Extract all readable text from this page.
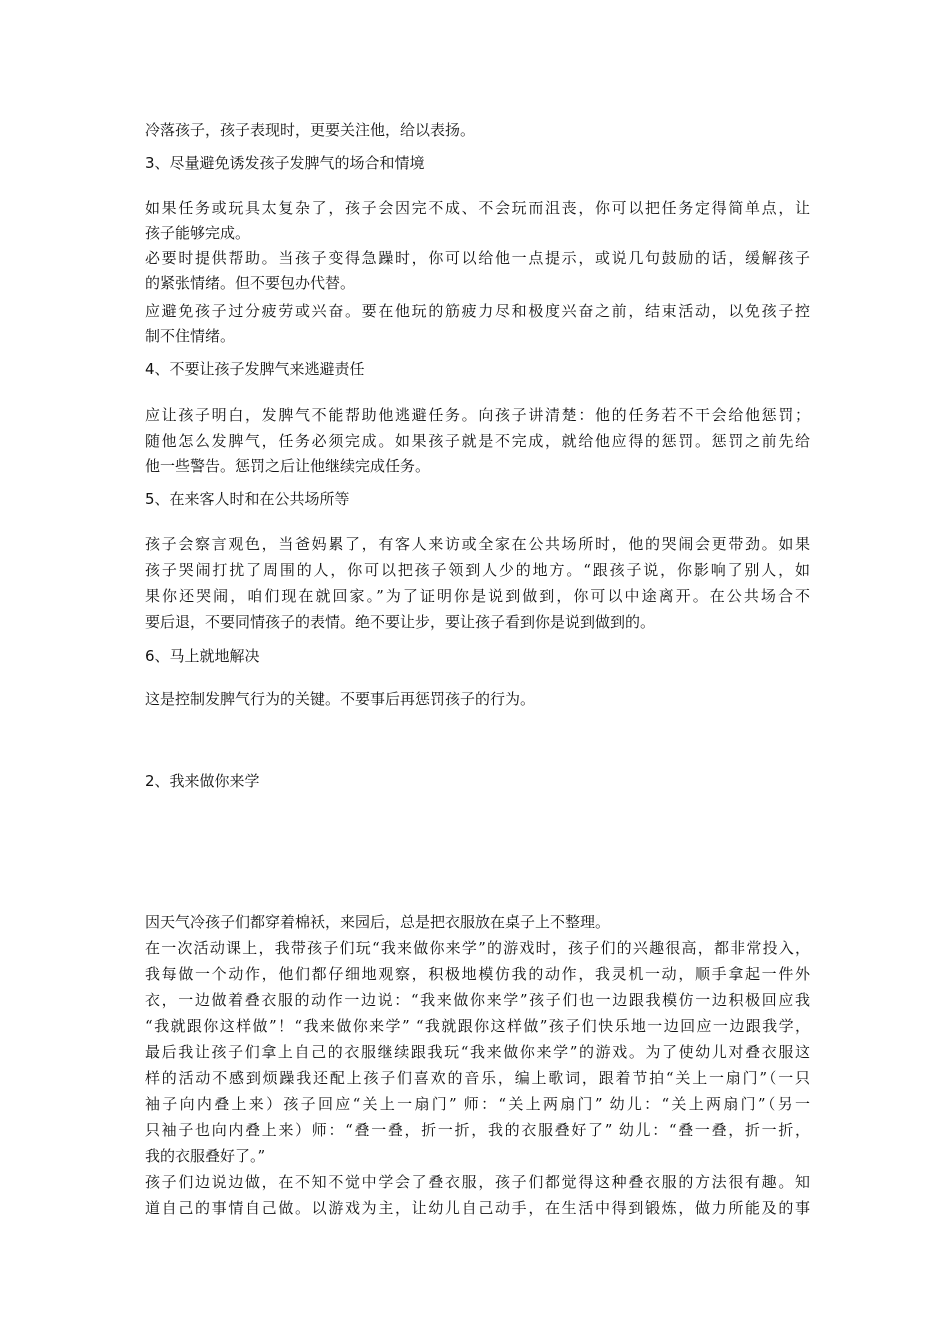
冷落孩子，孩子表现时，更要关注他，给以表扬。

3、尽量避免诱发孩子发脾气的场合和情境

如果任务或玩具太复杂了，孩子会因完不成、不会玩而沮丧，你可以把任务定得简单点，让

孩子能够完成。

必要时提供帮助。当孩子变得急躁时，你可以给他一点提示，或说几句鼓励的话，缓解孩子

的紧张情绪。但不要包办代替。

应避免孩子过分疲劳或兴奋。要在他玩的筋疲力尽和极度兴奋之前，结束活动，以免孩子控

制不住情绪。

4、不要让孩子发脾气来逃避责任

应让孩子明白，发脾气不能帮助他逃避任务。向孩子讲清楚：他的任务若不干会给他惩罚；

随他怎么发脾气，任务必须完成。如果孩子就是不完成，就给他应得的惩罚。惩罚之前先给

他一些警告。惩罚之后让他继续完成任务。

5、在来客人时和在公共场所等

孩子会察言观色，当爸妈累了，有客人来访或全家在公共场所时，他的哭闹会更带劲。如果

孩子哭闹打扰了周围的人，你可以把孩子领到人少的地方。“跟孩子说，你影响了别人，如

果你还哭闹，咱们现在就回家。”为了证明你是说到做到，你可以中途离开。在公共场合不

要后退，不要同情孩子的表情。绝不要让步，要让孩子看到你是说到做到的。

6、马上就地解决

这是控制发脾气行为的关键。不要事后再惩罚孩子的行为。

2、我来做你来学

因天气冷孩子们都穿着棉袄，来园后，总是把衣服放在桌子上不整理。

在一次活动课上，我带孩子们玩“我来做你来学”的游戏时，孩子们的兴趣很高，都非常投入，

我每做一个动作，他们都仔细地观察，积极地模仿我的动作，我灵机一动，顺手拿起一件外

衣，一边做着叠衣服的动作一边说：“我来做你来学”孩子们也一边跟我模仿一边积极回应我

“我就跟你这样做”！“我来做你来学” “我就跟你这样做”孩子们快乐地一边回应一边跟我学，

最后我让孩子们拿上自己的衣服继续跟我玩“我来做你来学”的游戏。为了使幼儿对叠衣服这

样的活动不感到烦躁我还配上孩子们喜欢的音乐，编上歌词，跟着节拍“关上一扇门”（一只

袖子向内叠上来）孩子回应“关上一扇门” 师：“关上两扇门” 幼儿：“关上两扇门”（另一

只袖子也向内叠上来）师：“叠一叠，折一折，我的衣服叠好了” 幼儿：“叠一叠，折一折，

我的衣服叠好了。”

孩子们边说边做，在不知不觉中学会了叠衣服，孩子们都觉得这种叠衣服的方法很有趣。知

道自己的事情自己做。以游戏为主，让幼儿自己动手，在生活中得到锻炼，做力所能及的事
